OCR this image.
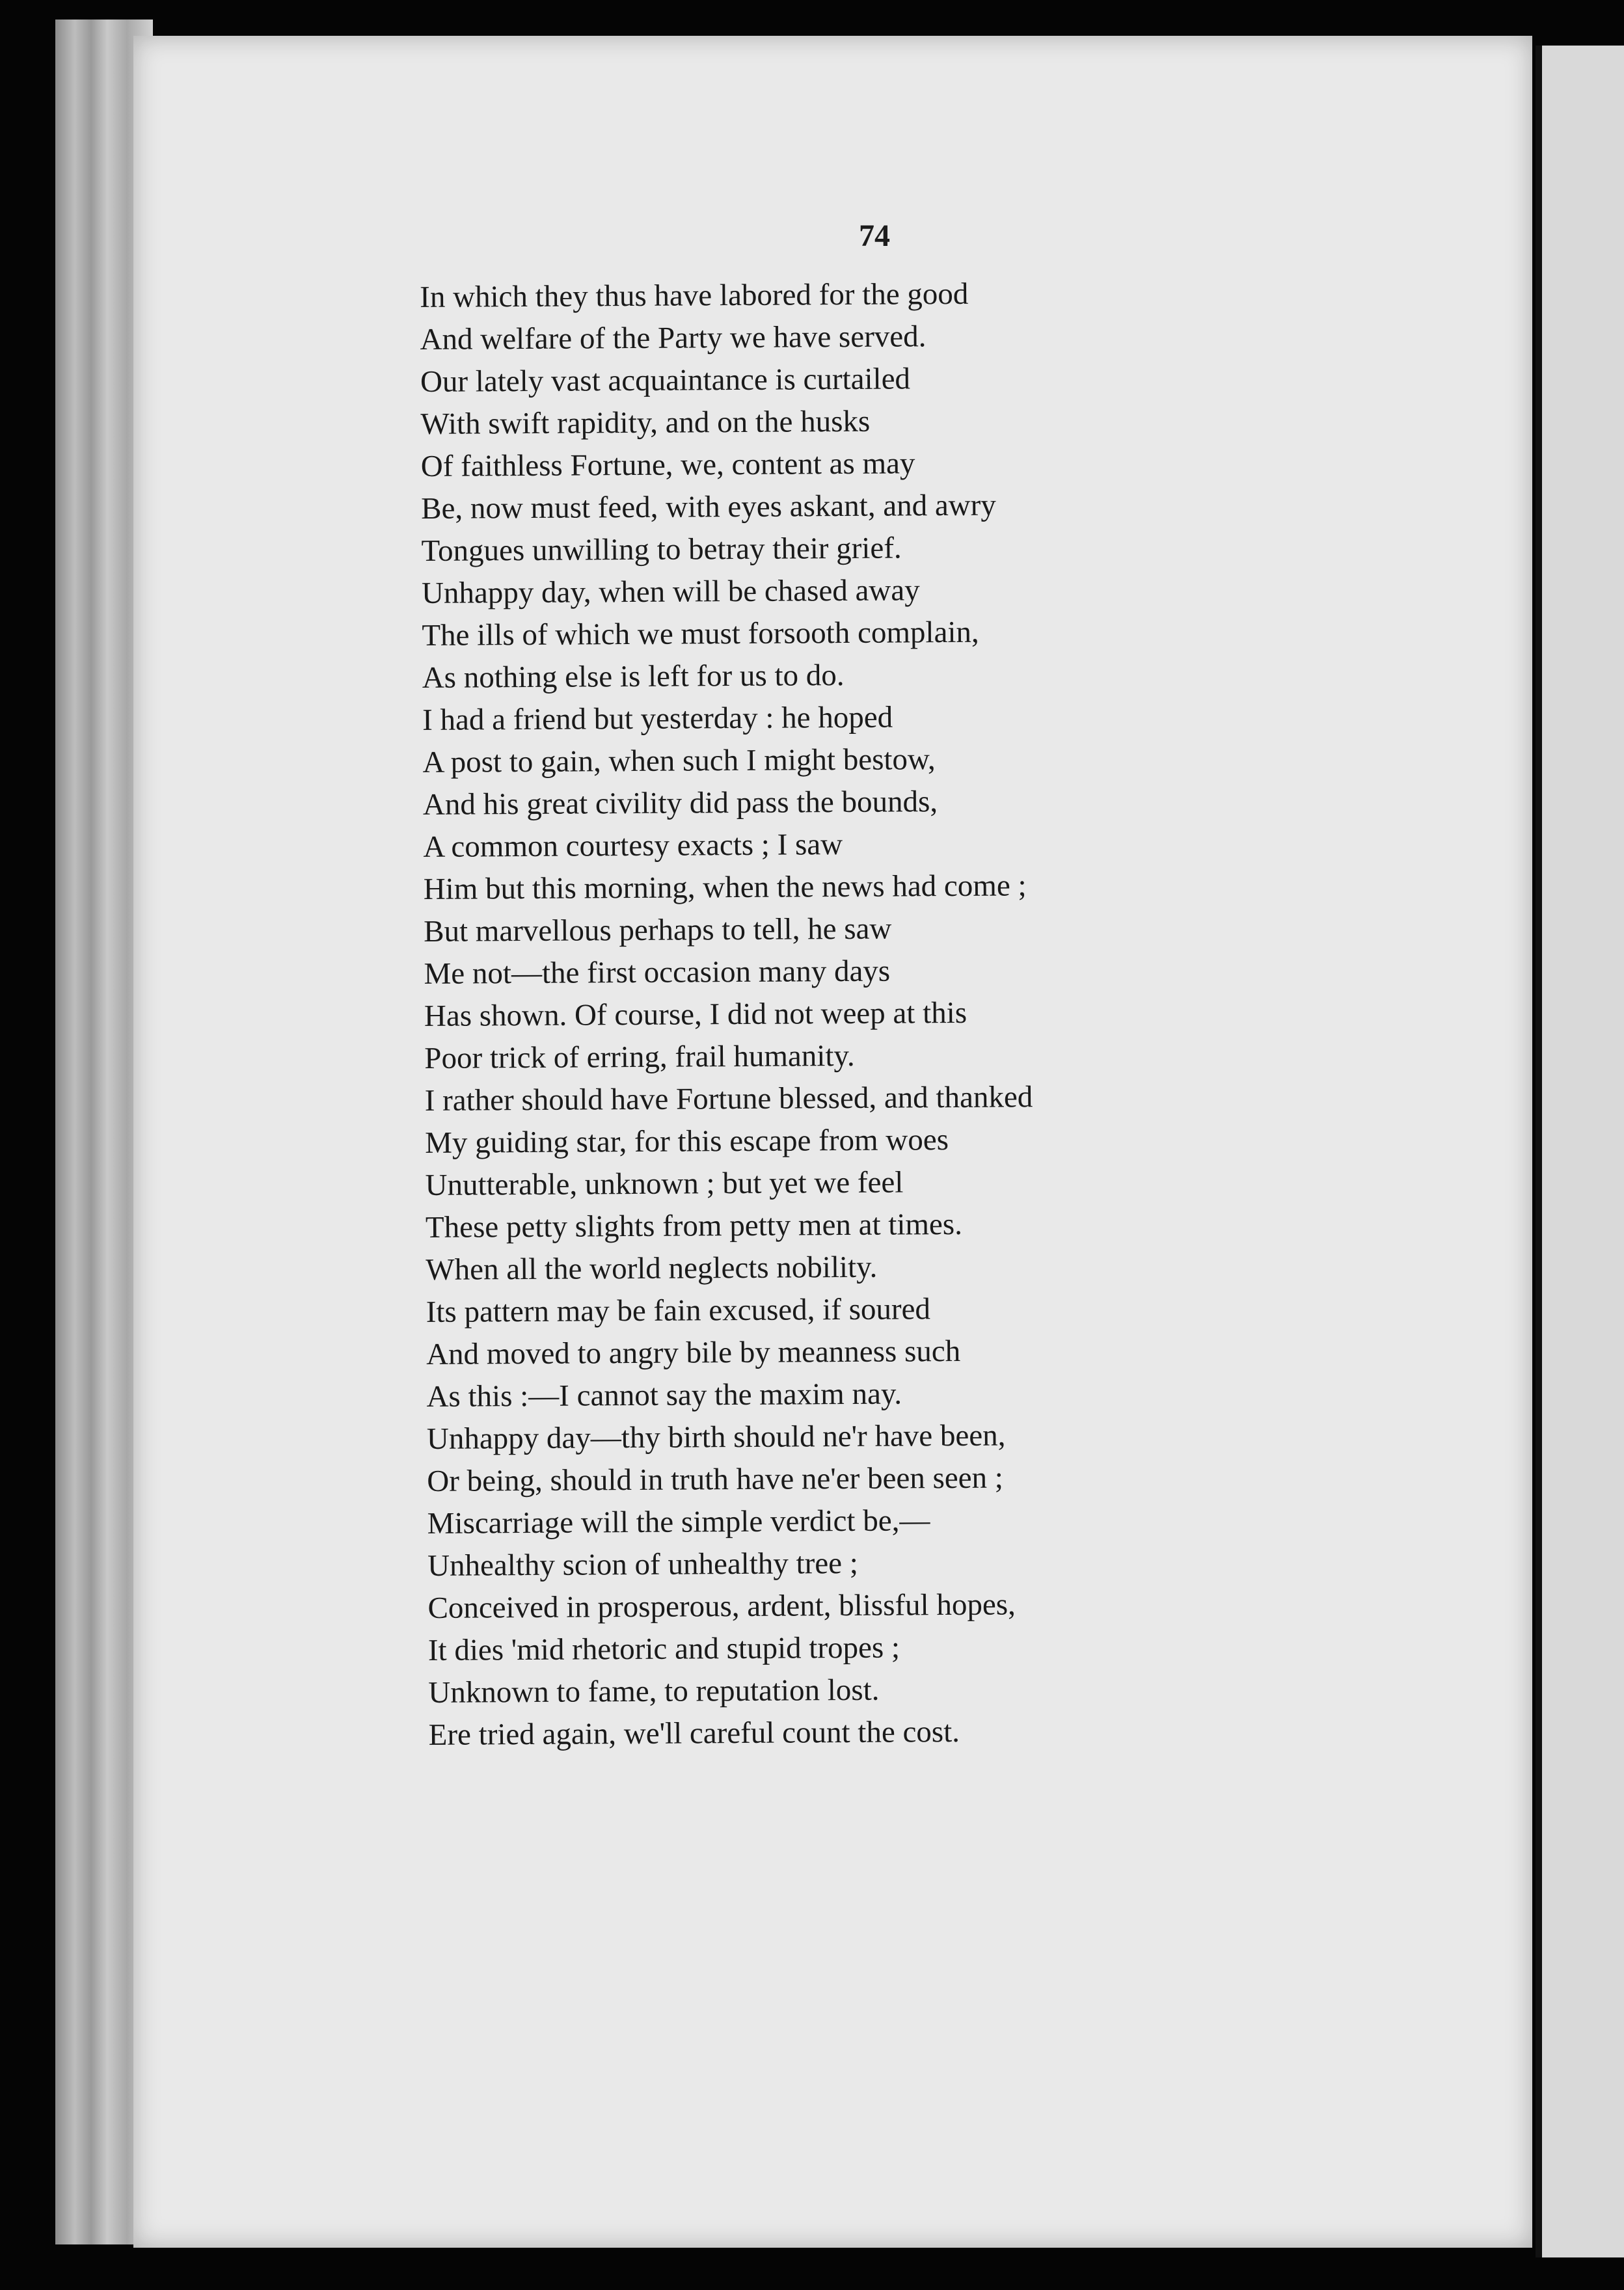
74

In which they thus have labored for the good
And welfare of the Party we have served.
Our lately vast acquaintance is curtailed
With swift rapidity, and on the husks
Of faithless Fortune, we, content as may
Be, now must feed, with eyes askant, and awry
Tongues unwilling to betray their grief.
Unhappy day, when will be chased away
The ills of which we must forsooth complain,
As nothing else is left for us to do.
I had a friend but yesterday : he hoped
A post to gain, when such I might bestow,
And his great civility did pass the bounds,
A common courtesy exacts ; I saw
Him but this morning, when the news had come ;
But marvellous perhaps to tell, he saw
Me not—the first occasion many days
Has shown. Of course, I did not weep at this
Poor trick of erring, frail humanity.
I rather should have Fortune blessed, and thanked
My guiding star, for this escape from woes
Unutterable, unknown ; but yet we feel
These petty slights from petty men at times.
When all the world neglects nobility.
Its pattern may be fain excused, if soured
And moved to angry bile by meanness such
As this :—I cannot say the maxim nay.
Unhappy day—thy birth should ne'r have been,
Or being, should in truth have ne'er been seen ;
Miscarriage will the simple verdict be,—
Unhealthy scion of unhealthy tree ;
Conceived in prosperous, ardent, blissful hopes,
It dies 'mid rhetoric and stupid tropes ;
Unknown to fame, to reputation lost.
Ere tried again, we'll careful count the cost.
